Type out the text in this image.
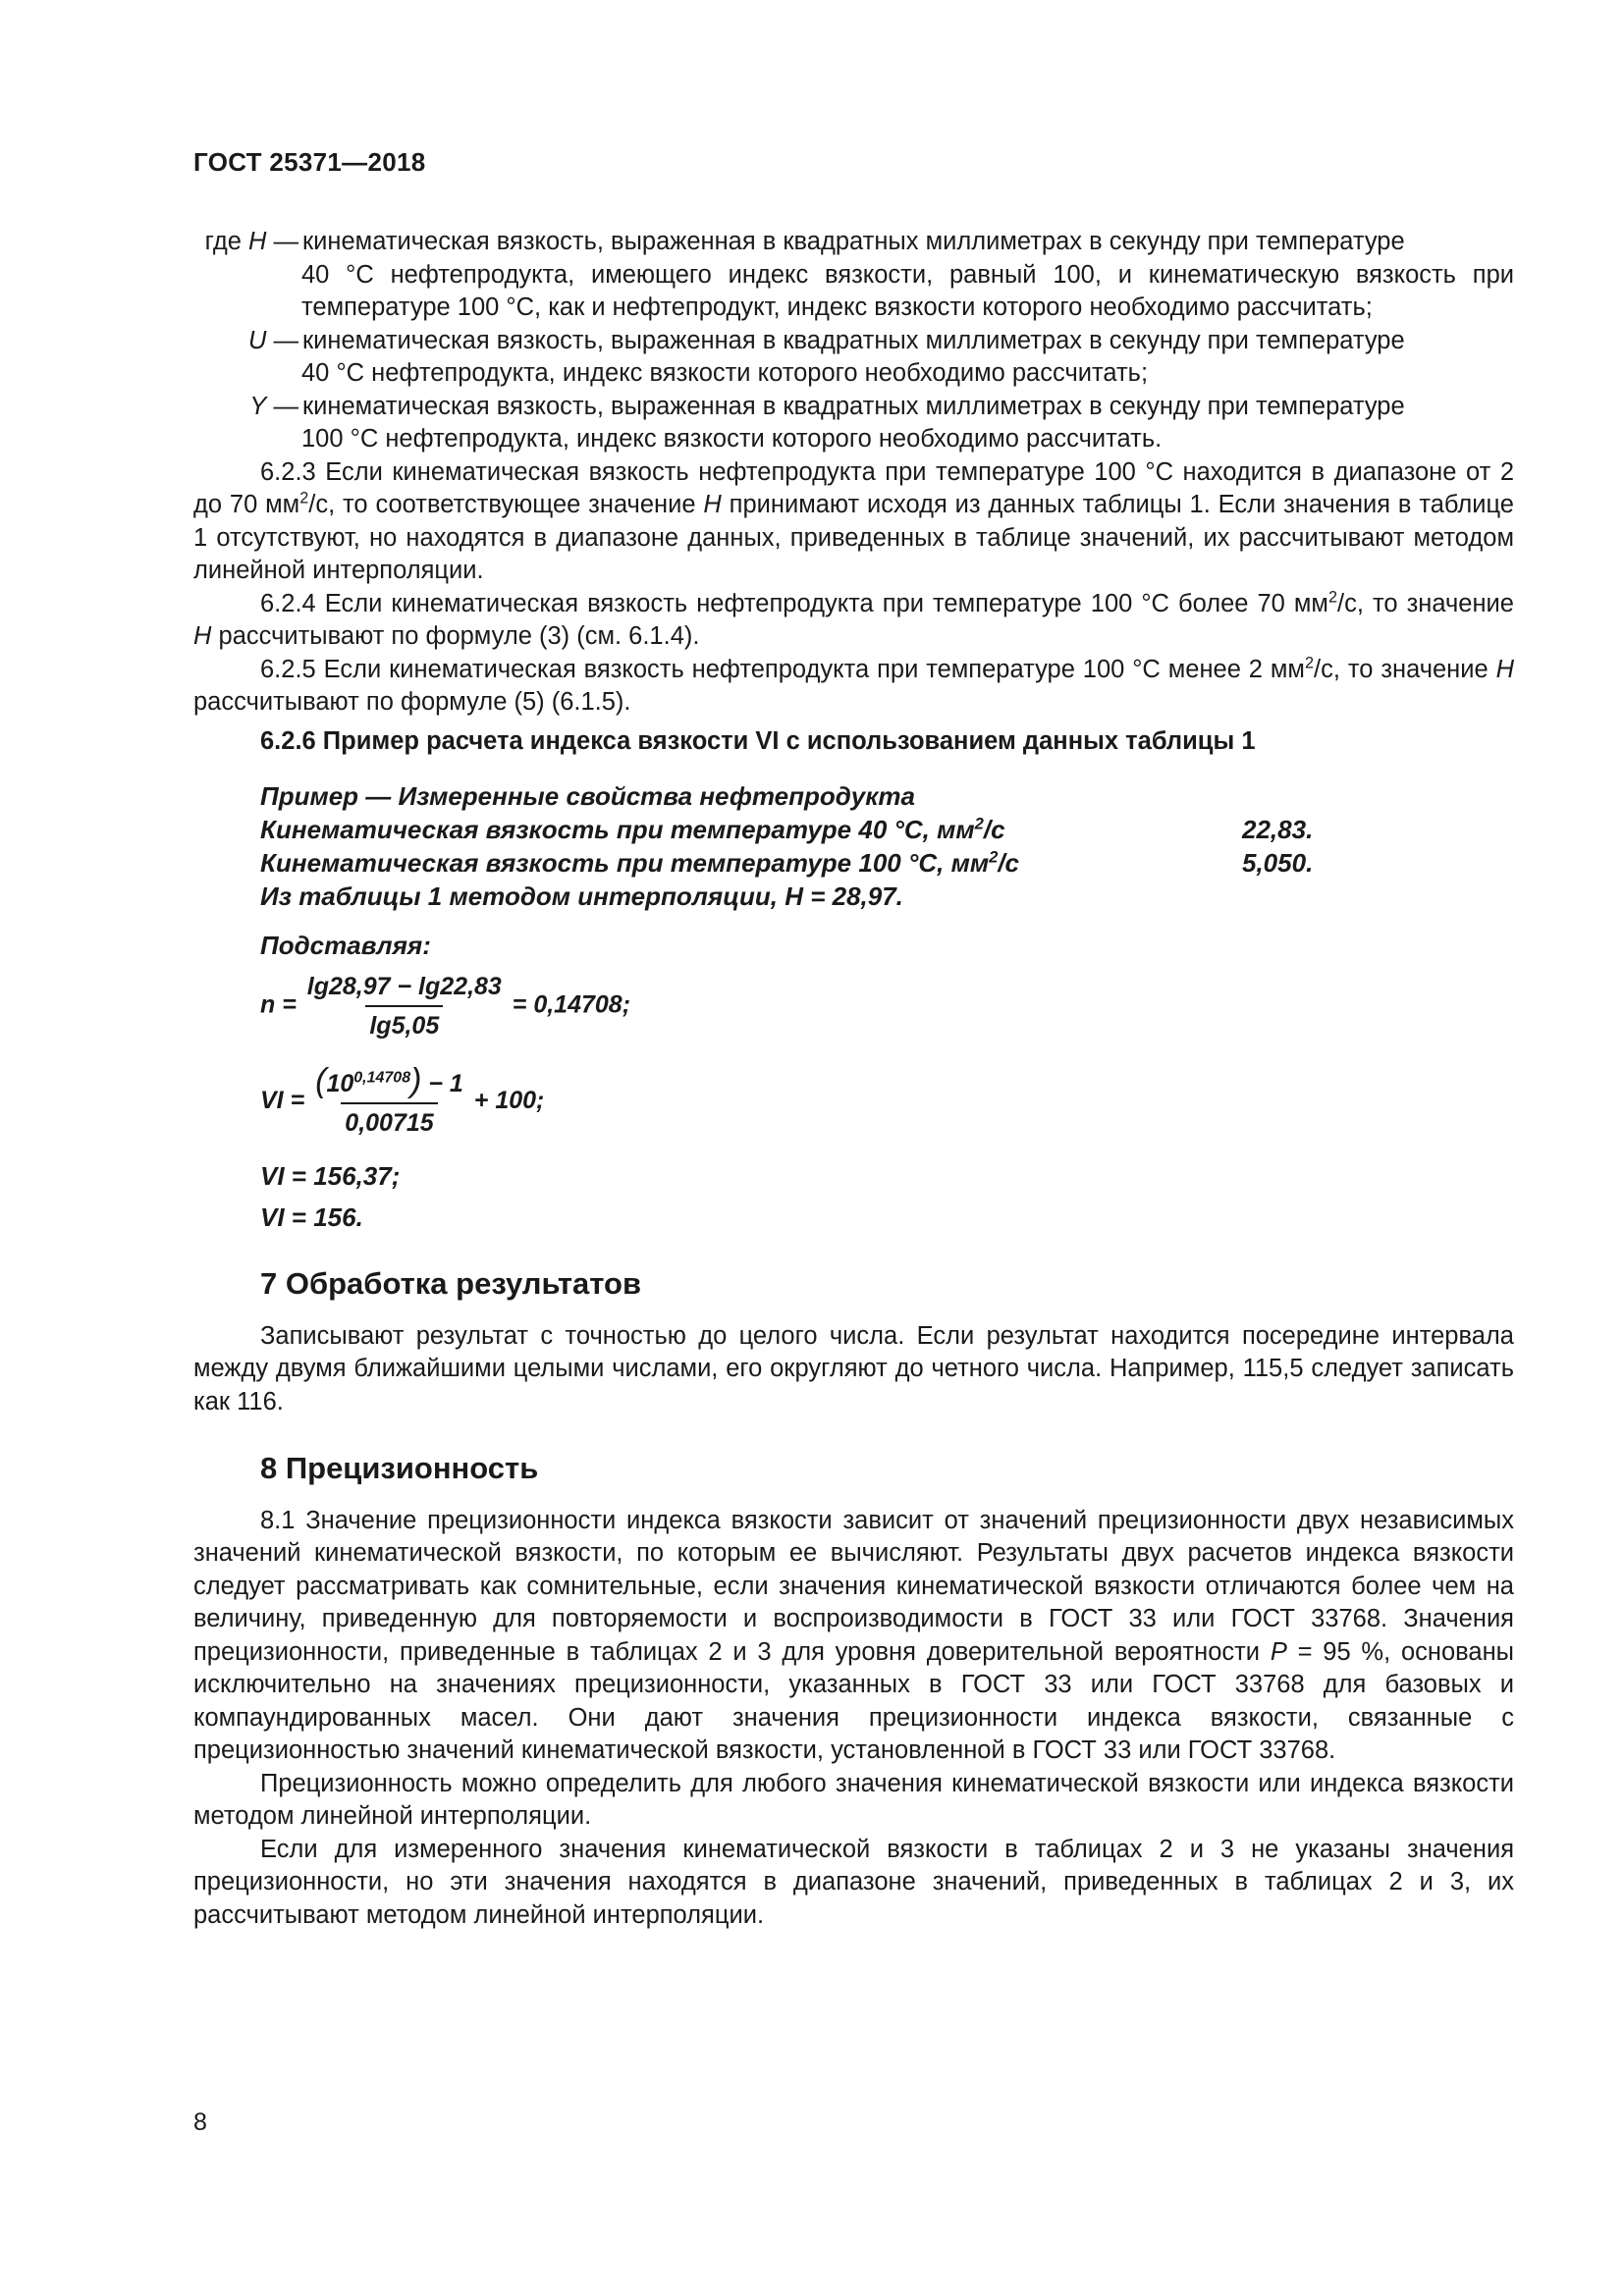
ГОСТ 25371—2018
где H — кинематическая вязкость, выраженная в квадратных миллиметрах в секунду при температуре
40 °С нефтепродукта, имеющего индекс вязкости, равный 100, и кинематическую вязкость при температуре 100 °С, как и нефтепродукт, индекс вязкости которого необходимо рассчитать;
U — кинематическая вязкость, выраженная в квадратных миллиметрах в секунду при температуре
40 °С нефтепродукта, индекс вязкости которого необходимо рассчитать;
Y — кинематическая вязкость, выраженная в квадратных миллиметрах в секунду при температуре
100 °С нефтепродукта, индекс вязкости которого необходимо рассчитать.

6.2.3 Если кинематическая вязкость нефтепродукта при температуре 100 °С находится в диапазоне от 2 до 70 $мм^2/с$, то соответствующее значение H принимают исходя из данных таблицы 1. Если значения в таблице 1 отсутствуют, но находятся в диапазоне данных, приведенных в таблице значений, их рассчитывают методом линейной интерполяции.

6.2.4 Если кинематическая вязкость нефтепродукта при температуре 100 °С более 70 $мм^2/с$, то значение H рассчитывают по формуле (3) (см. 6.1.4).

6.2.5 Если кинематическая вязкость нефтепродукта при температуре 100 °С менее 2 $мм^2/с$, то значение H рассчитывают по формуле (5) (6.1.5).

6.2.6 Пример расчета индекса вязкости VI с использованием данных таблицы 1
Пример — Измеренные свойства нефтепродукта
Кинематическая вязкость при температуре 40 °С, $мм^2/с$	22,83.
Кинематическая вязкость при температуре 100 °С, $мм^2/с$	5,050.
Из таблицы 1 методом интерполяции, H = 28,97.
Подставляя:
$n = \frac{\lg 28,97 - \lg 22,83}{\lg 5,05} = 0,14708$;
VI = $\frac{(10^{0,14708}) - 1}{0,00715} + 100$;
VI = 156,37;
VI = 156.
7 Обработка результатов

Записывают результат с точностью до целого числа. Если результат находится посередине интервала между двумя ближайшими целыми числами, его округляют до четного числа. Например, 115,5 следует записать как 116.

8 Прецизионность

8.1 Значение прецизионности индекса вязкости зависит от значений прецизионности двух независимых значений кинематической вязкости, по которым ее вычисляют. Результаты двух расчетов индекса вязкости следует рассматривать как сомнительные, если значения кинематической вязкости отличаются более чем на величину, приведенную для повторяемости и воспроизводимости в ГОСТ 33 или ГОСТ 33768. Значения прецизионности, приведенные в таблицах 2 и 3 для уровня доверительной вероятности P = 95 %, основаны исключительно на значениях прецизионности, указанных в ГОСТ 33 или ГОСТ 33768 для базовых и компаундированных масел. Они дают значения прецизионности индекса вязкости, связанные с прецизионностью значений кинематической вязкости, установленной в ГОСТ 33 или ГОСТ 33768.

Прецизионность можно определить для любого значения кинематической вязкости или индекса вязкости методом линейной интерполяции.

Если для измеренного значения кинематической вязкости в таблицах 2 и 3 не указаны значения прецизионности, но эти значения находятся в диапазоне значений, приведенных в таблицах 2 и 3, их рассчитывают методом линейной интерполяции.

8
